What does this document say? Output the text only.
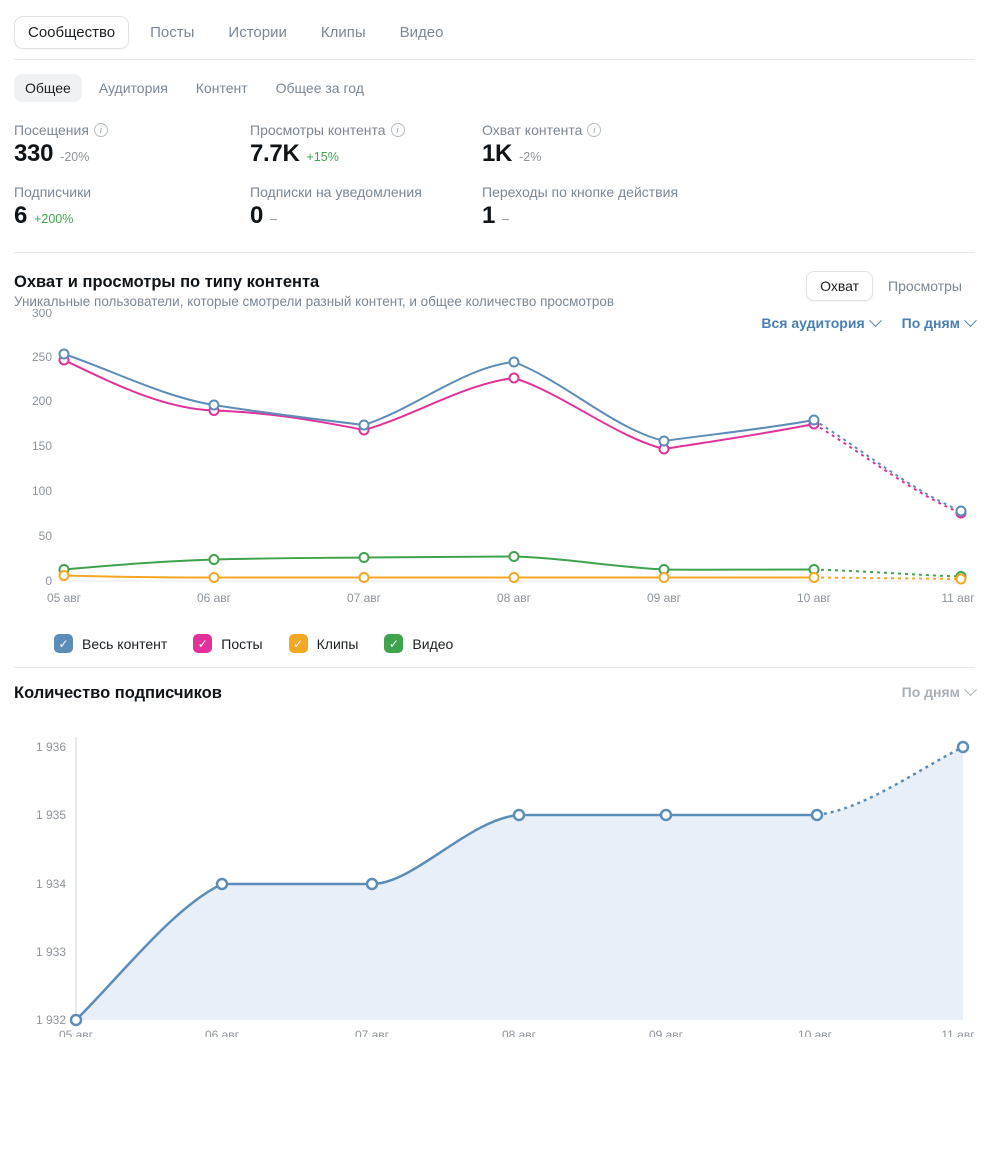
Сообщество	Посты	Истории	Клипы	Видео
Общее	Аудитория	Контент	Общее за год
Посещения	i
330 -20%
Просмотры контента	i
7.7K +15%
Охват контента	i
1K -2%
Подписчики
6 +200%
Подписки на уведомления
0 –
Переходы по кнопке действия
1 –
Охват и просмотры по типу контента
Уникальные пользователи, которые смотрели разный контент, и общее количество просмотров
Охват	Просмотры
Вся аудитория	По дням
300
250
200
150
100
50
0
05 авг	06 авг	07 авг	08 авг	09 авг	10 авг	11 авг
✓ Весь контент	✓ Посты	✓ Клипы	✓ Видео
Количество подписчиков	По дням
1 936
1 935
1 934
1 933
1 932
05 авг	06 авг	07 авг	08 авг	09 авг	10 авг	11 авг
